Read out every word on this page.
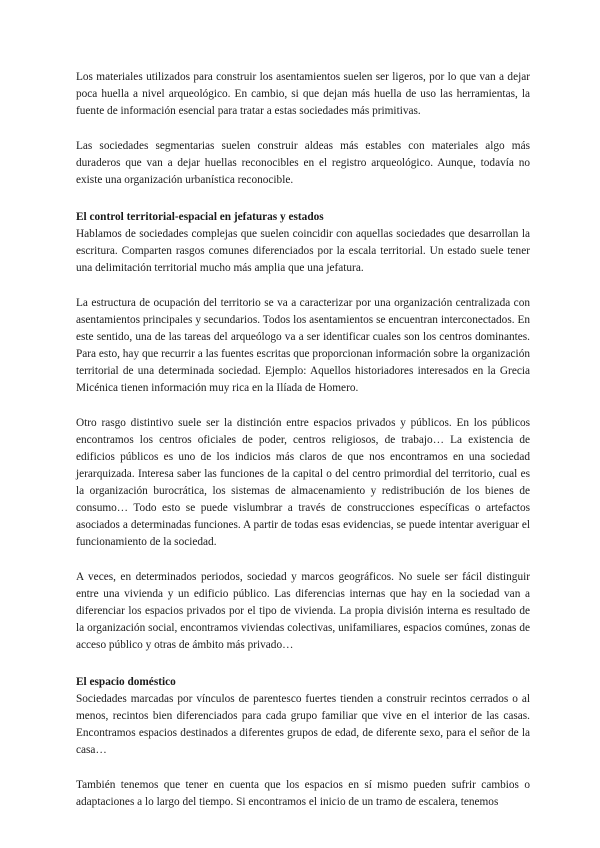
Los materiales utilizados para construir los asentamientos suelen ser ligeros, por lo que van a dejar poca huella a nivel arqueológico. En cambio, si que dejan más huella de uso las herramientas, la fuente de información esencial para tratar a estas sociedades más primitivas.

Las sociedades segmentarias suelen construir aldeas más estables con materiales algo más duraderos que van a dejar huellas reconocibles en el registro arqueológico. Aunque, todavía no existe una organización urbanística reconocible.

El control territorial-espacial en jefaturas y estados

Hablamos de sociedades complejas que suelen coincidir con aquellas sociedades que desarrollan la escritura. Comparten rasgos comunes diferenciados por la escala territorial. Un estado suele tener una delimitación territorial mucho más amplia que una jefatura.

La estructura de ocupación del territorio se va a caracterizar por una organización centralizada con asentamientos principales y secundarios. Todos los asentamientos se encuentran interconectados. En este sentido, una de las tareas del arqueólogo va a ser identificar cuales son los centros dominantes. Para esto, hay que recurrir a las fuentes escritas que proporcionan información sobre la organización territorial de una determinada sociedad. Ejemplo: Aquellos historiadores interesados en la Grecia Micénica tienen información muy rica en la Ilíada de Homero.

Otro rasgo distintivo suele ser la distinción entre espacios privados y públicos. En los públicos encontramos los centros oficiales de poder, centros religiosos, de trabajo… La existencia de edificios públicos es uno de los indicios más claros de que nos encontramos en una sociedad jerarquizada. Interesa saber las funciones de la capital o del centro primordial del territorio, cual es la organización burocrática, los sistemas de almacenamiento y redistribución de los bienes de consumo… Todo esto se puede vislumbrar a través de construcciones específicas o artefactos asociados a determinadas funciones. A partir de todas esas evidencias, se puede intentar averiguar el funcionamiento de la sociedad.

A veces, en determinados periodos, sociedad y marcos geográficos. No suele ser fácil distinguir entre una vivienda y un edificio público. Las diferencias internas que hay en la sociedad van a diferenciar los espacios privados por el tipo de vivienda. La propia división interna es resultado de la organización social, encontramos viviendas colectivas, unifamiliares, espacios comúnes, zonas de acceso público y otras de ámbito más privado…

El espacio doméstico

Sociedades marcadas por vínculos de parentesco fuertes tienden a construir recintos cerrados o al menos, recintos bien diferenciados para cada grupo familiar que vive en el interior de las casas. Encontramos espacios destinados a diferentes grupos de edad, de diferente sexo, para el señor de la casa…

También tenemos que tener en cuenta que los espacios en sí mismo pueden sufrir cambios o adaptaciones a lo largo del tiempo. Si encontramos el inicio de un tramo de escalera, tenemos
